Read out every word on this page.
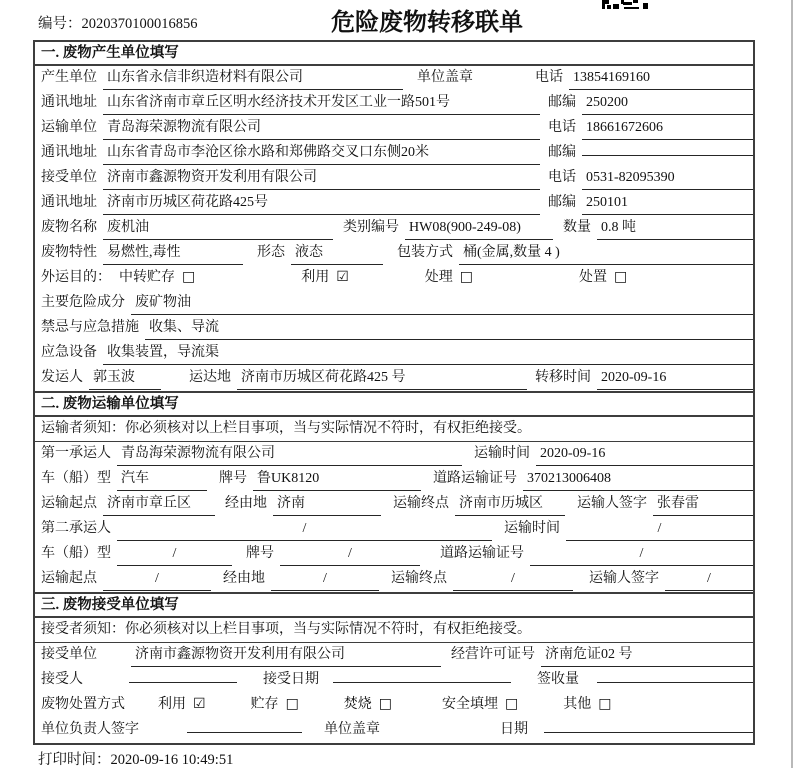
编号：2020370100016856	危险废物转移联单
一. 废物产生单位填写
产生单位 山东省永信非织造材料有限公司	单位盖章	电话 13854169160
通讯地址 山东省济南市章丘区明水经济技术开发区工业一路501号	邮编 250200
运输单位 青岛海荣源物流有限公司	电话 18661672606
通讯地址 山东省青岛市李沧区徐水路和郑佛路交叉口东侧20米	邮编
接受单位 济南市鑫源物资开发利用有限公司	电话 0531-82095390
通讯地址 济南市历城区荷花路425号	邮编 250101
废物名称 废机油	类别编号 HW08(900-249-08)	数量 0.8 吨
废物特性 易燃性,毒性	形态 液态	包装方式 桶(金属,数量 4 )
外运目的： 中转贮存 □	利用 ☑	处理 □	处置 □
主要危险成分 废矿物油
禁忌与应急措施 收集、导流
应急设备 收集装置，导流渠
发运人 郭玉波	运达地 济南市历城区荷花路425 号	转移时间 2020-09-16
二. 废物运输单位填写
运输者须知：你必须核对以上栏目事项，当与实际情况不符时，有权拒绝接受。
第一承运人 青岛海荣源物流有限公司	运输时间 2020-09-16
车（船）型 汽车	牌号 鲁UK8120	道路运输证号 370213006408
运输起点 济南市章丘区	经由地 济南	运输终点 济南市历城区	运输人签字 张春雷
第二承运人	/	运输时间	/
车（船）型	/	牌号	/	道路运输证号	/
运输起点	/	经由地	/	运输终点	/	运输人签字	/
三. 废物接受单位填写
接受者须知：你必须核对以上栏目事项，当与实际情况不符时，有权拒绝接受。
接受单位	济南市鑫源物资开发利用有限公司	经营许可证号 济南危证02 号
接受人	接受日期	签收量
废物处置方式 利用 ☑	贮存 □	焚烧 □	安全填埋 □	其他 □
单位负责人签字	单位盖章	日期
打印时间：2020-09-16 10:49:51
